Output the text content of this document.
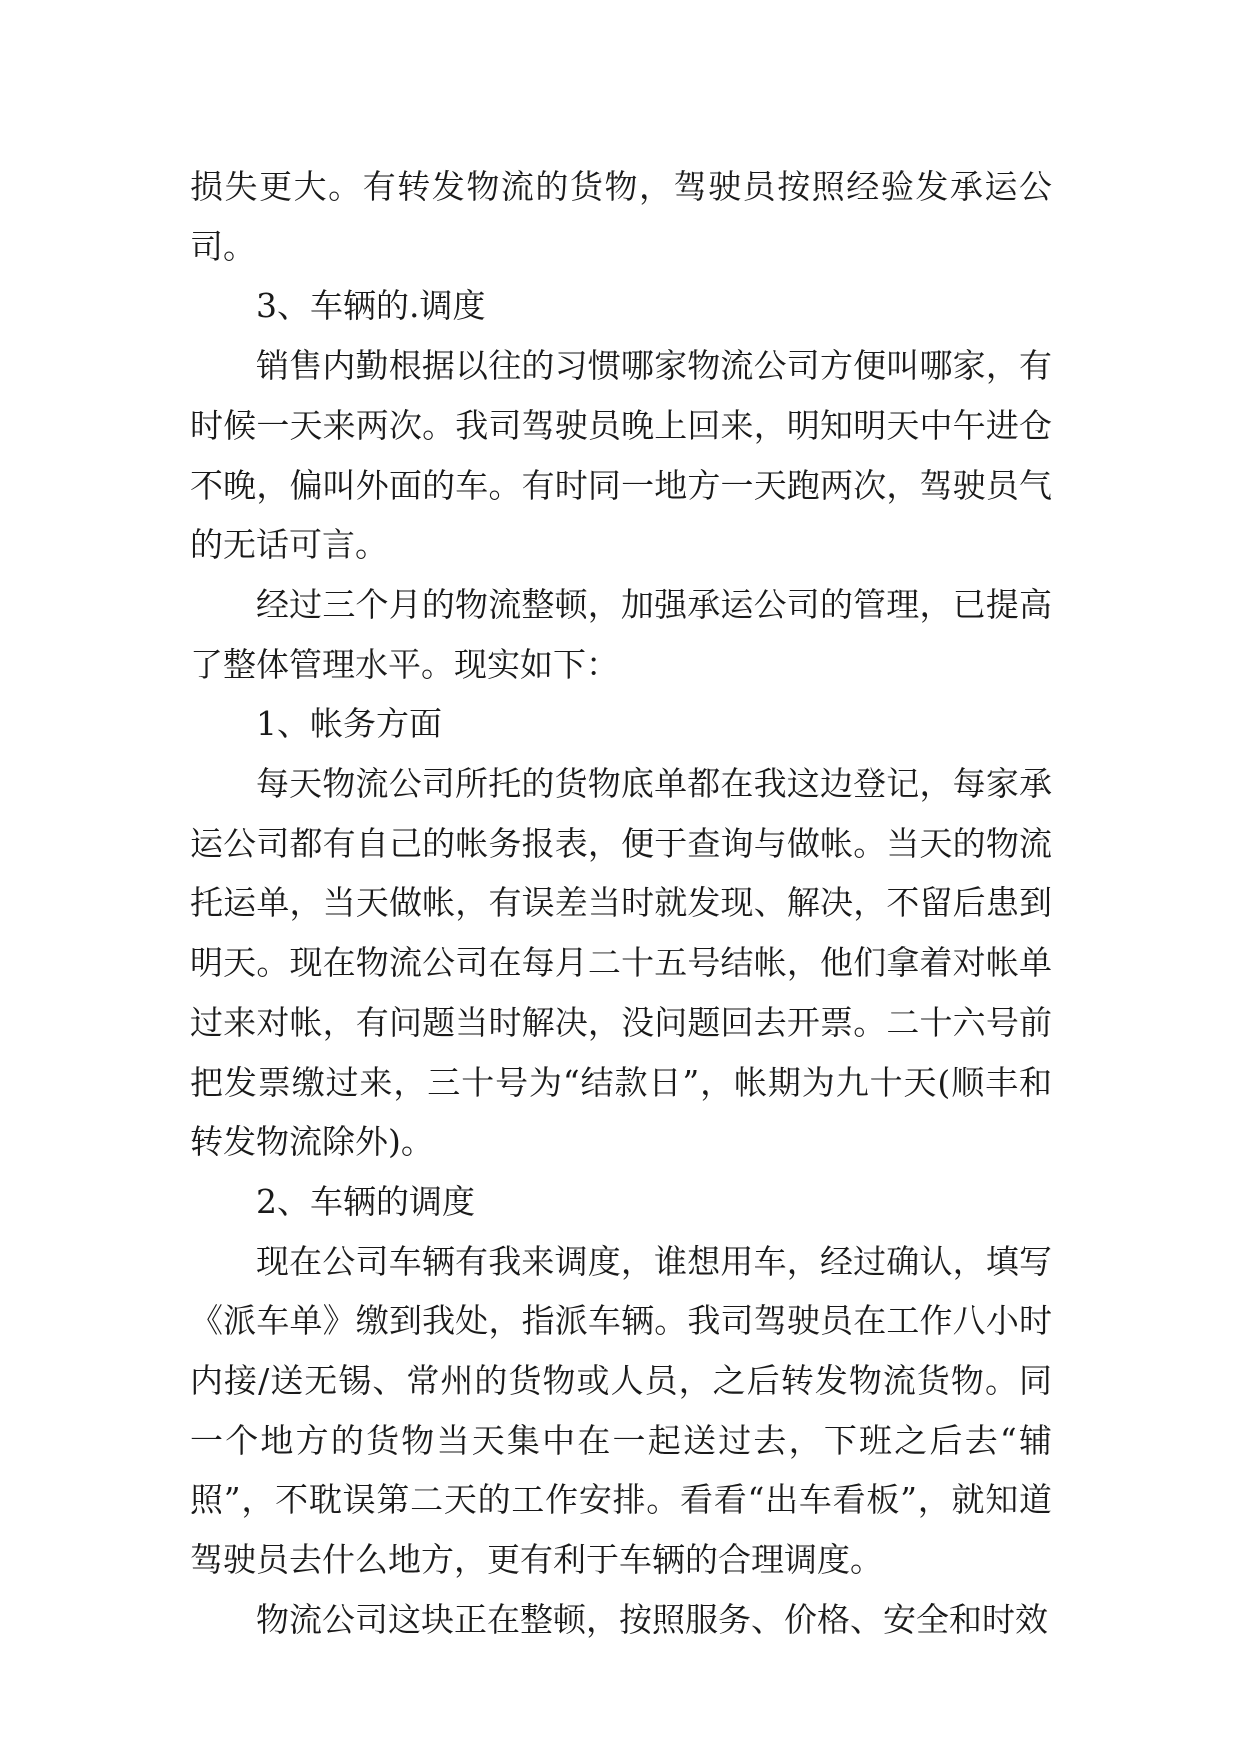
损失更大。有转发物流的货物，驾驶员按照经验发承运公司。

3、车辆的.调度

销售内勤根据以往的习惯哪家物流公司方便叫哪家，有时候一天来两次。我司驾驶员晚上回来，明知明天中午进仓不晚，偏叫外面的车。有时同一地方一天跑两次，驾驶员气的无话可言。

经过三个月的物流整顿，加强承运公司的管理，已提高了整体管理水平。现实如下：

1、帐务方面

每天物流公司所托的货物底单都在我这边登记，每家承运公司都有自己的帐务报表，便于查询与做帐。当天的物流托运单，当天做帐，有误差当时就发现、解决，不留后患到明天。现在物流公司在每月二十五号结帐，他们拿着对帐单过来对帐，有问题当时解决，没问题回去开票。二十六号前把发票缴过来，三十号为“结款日”，帐期为九十天(顺丰和转发物流除外)。

2、车辆的调度

现在公司车辆有我来调度，谁想用车，经过确认，填写《派车单》缴到我处，指派车辆。我司驾驶员在工作八小时内接/送无锡、常州的货物或人员，之后转发物流货物。同一个地方的货物当天集中在一起送过去，下班之后去“辅照”，不耽误第二天的工作安排。看看“出车看板”，就知道驾驶员去什么地方，更有利于车辆的合理调度。

物流公司这块正在整顿，按照服务、价格、安全和时效
